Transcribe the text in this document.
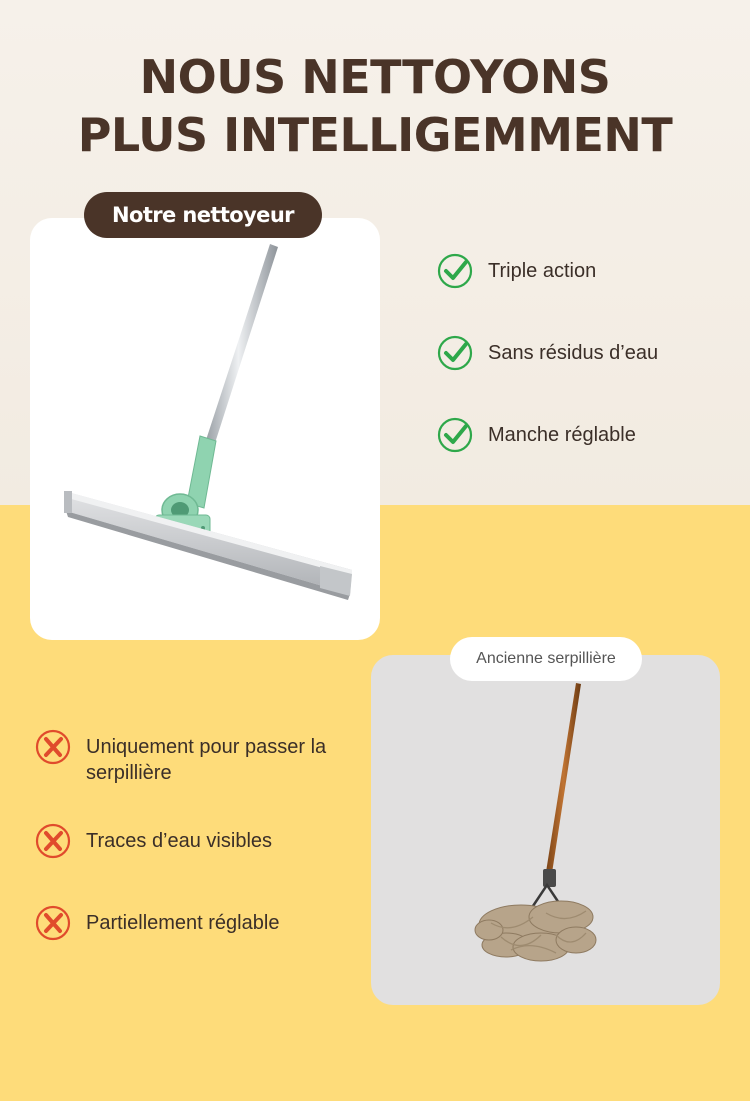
NOUS NETTOYONS
PLUS INTELLIGEMMENT
Notre nettoyeur
Triple action
Sans résidus d’eau
Manche réglable
Ancienne serpillière
Uniquement pour passer la serpillière
Traces d’eau visibles
Partiellement réglable
